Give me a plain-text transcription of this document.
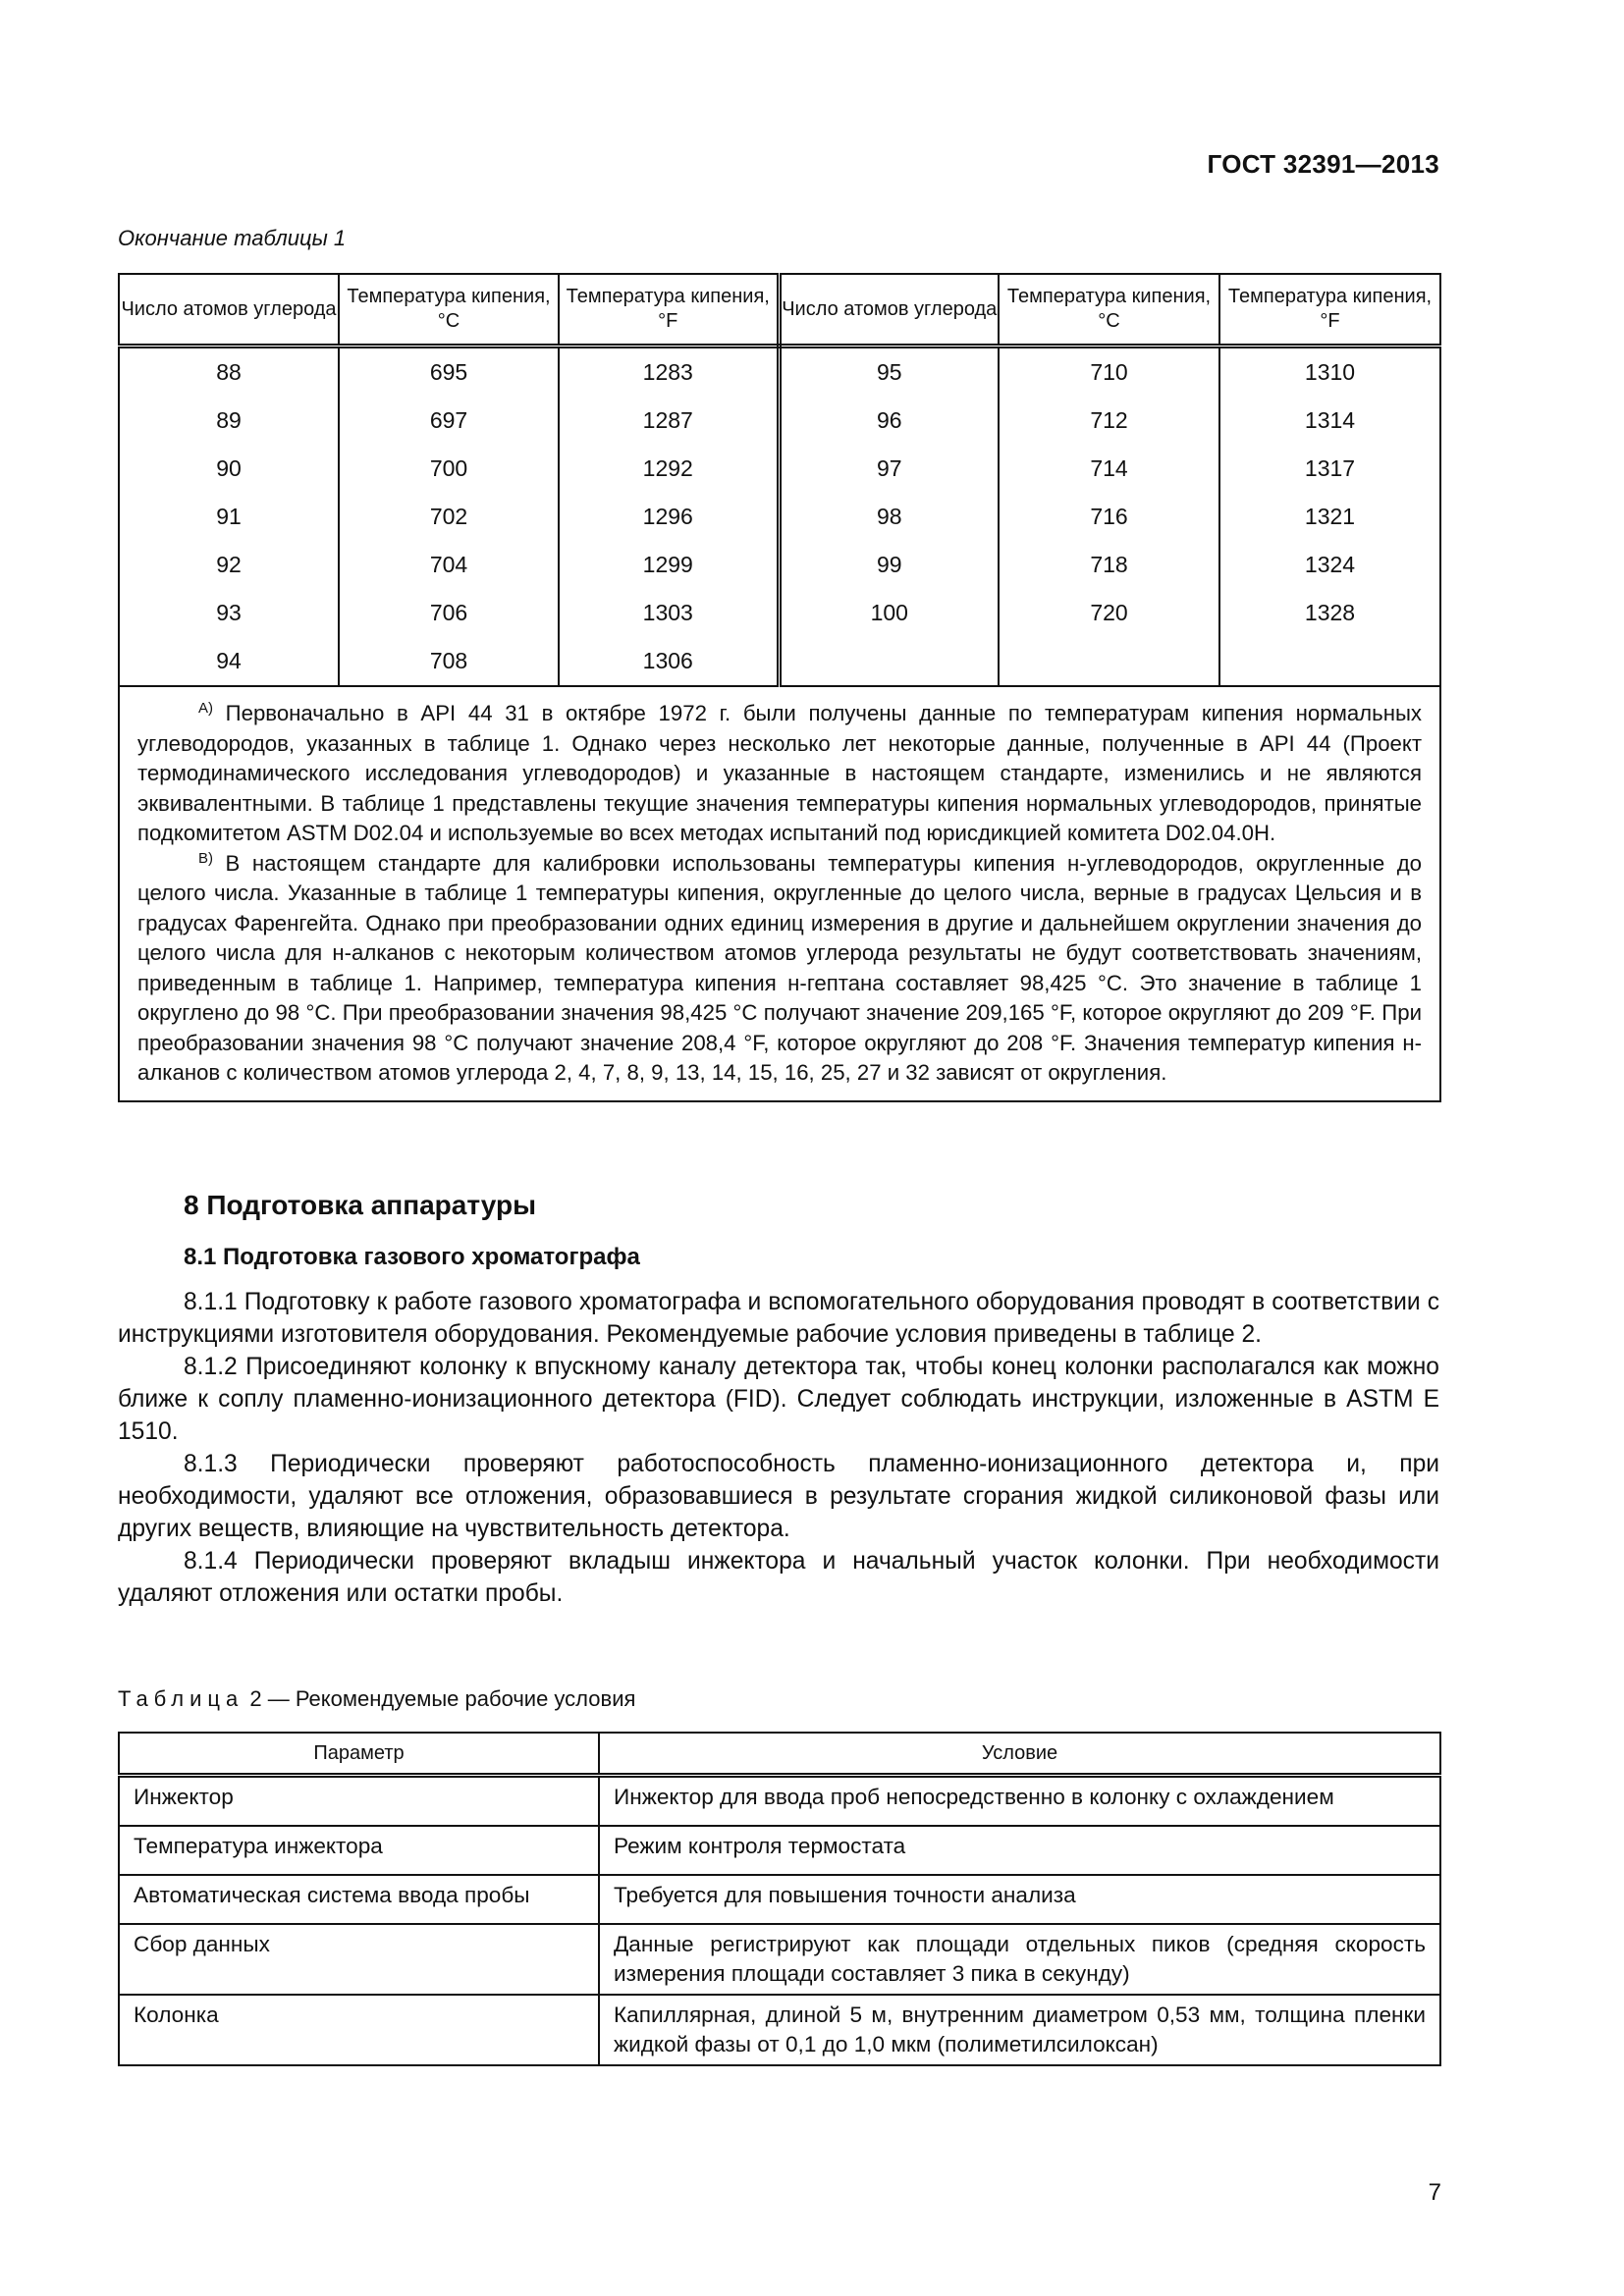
ГОСТ 32391—2013
Окончание таблицы 1
Число атомов углерода	Температура кипения, °С	Температура кипения, °F	Число атомов углерода	Температура кипения, °С	Температура кипения, °F
88	695	1283	95	710	1310
89	697	1287	96	712	1314
90	700	1292	97	714	1317
91	702	1296	98	716	1321
92	704	1299	99	718	1324
93	706	1303	100	720	1328
94	708	1306			

$^{A)}$ Первоначально в API 44 31 в октябре 1972 г. были получены данные по температурам кипения нормальных углеводородов, указанных в таблице 1. Однако через несколько лет некоторые данные, полученные в API 44 (Проект термодинамического исследования углеводородов) и указанные в настоящем стандарте, изменились и не являются эквивалентными. В таблице 1 представлены текущие значения температуры кипения нормальных углеводородов, принятые подкомитетом ASTM D02.04 и используемые во всех методах испытаний под юрисдикцией комитета D02.04.0H.

$^{B)}$ В настоящем стандарте для калибровки использованы температуры кипения н-углеводородов, округленные до целого числа. Указанные в таблице 1 температуры кипения, округленные до целого числа, верные в градусах Цельсия и в градусах Фаренгейта. Однако при преобразовании одних единиц измерения в другие и дальнейшем округлении значения до целого числа для н-алканов с некоторым количеством атомов углерода результаты не будут соответствовать значениям, приведенным в таблице 1. Например, температура кипения н-гептана составляет 98,425 °С. Это значение в таблице 1 округлено до 98 °С. При преобразовании значения 98,425 °С получают значение 209,165 °F, которое округляют до 209 °F. При преобразовании значения 98 °С получают значение 208,4 °F, которое округляют до 208 °F. Значения температур кипения н-алканов с количеством атомов углерода 2, 4, 7, 8, 9, 13, 14, 15, 16, 25, 27 и 32 зависят от округления.					

8 Подготовка аппаратуры
8.1 Подготовка газового хроматографа

8.1.1 Подготовку к работе газового хроматографа и вспомогательного оборудования проводят в соответствии с инструкциями изготовителя оборудования. Рекомендуемые рабочие условия приведены в таблице 2.

8.1.2 Присоединяют колонку к впускному каналу детектора так, чтобы конец колонки располагался как можно ближе к соплу пламенно-ионизационного детектора (FID). Следует соблюдать инструкции, изложенные в ASTM E 1510.

8.1.3 Периодически проверяют работоспособность пламенно-ионизационного детектора и, при необходимости, удаляют все отложения, образовавшиеся в результате сгорания жидкой силиконовой фазы или других веществ, влияющие на чувствительность детектора.

8.1.4 Периодически проверяют вкладыш инжектора и начальный участок колонки. При необходимости удаляют отложения или остатки пробы.

Таблица 2 — Рекомендуемые рабочие условия
Параметр	Условие
Инжектор	Инжектор для ввода проб непосредственно в колонку с охлаждением
Температура инжектора	Режим контроля термостата
Автоматическая система ввода пробы	Требуется для повышения точности анализа
Сбор данных	Данные регистрируют как площади отдельных пиков (средняя скорость измерения площади составляет 3 пика в секунду)
Колонка	Капиллярная, длиной 5 м, внутренним диаметром 0,53 мм, толщина пленки жидкой фазы от 0,1 до 1,0 мкм (полиметилсилоксан)
7
